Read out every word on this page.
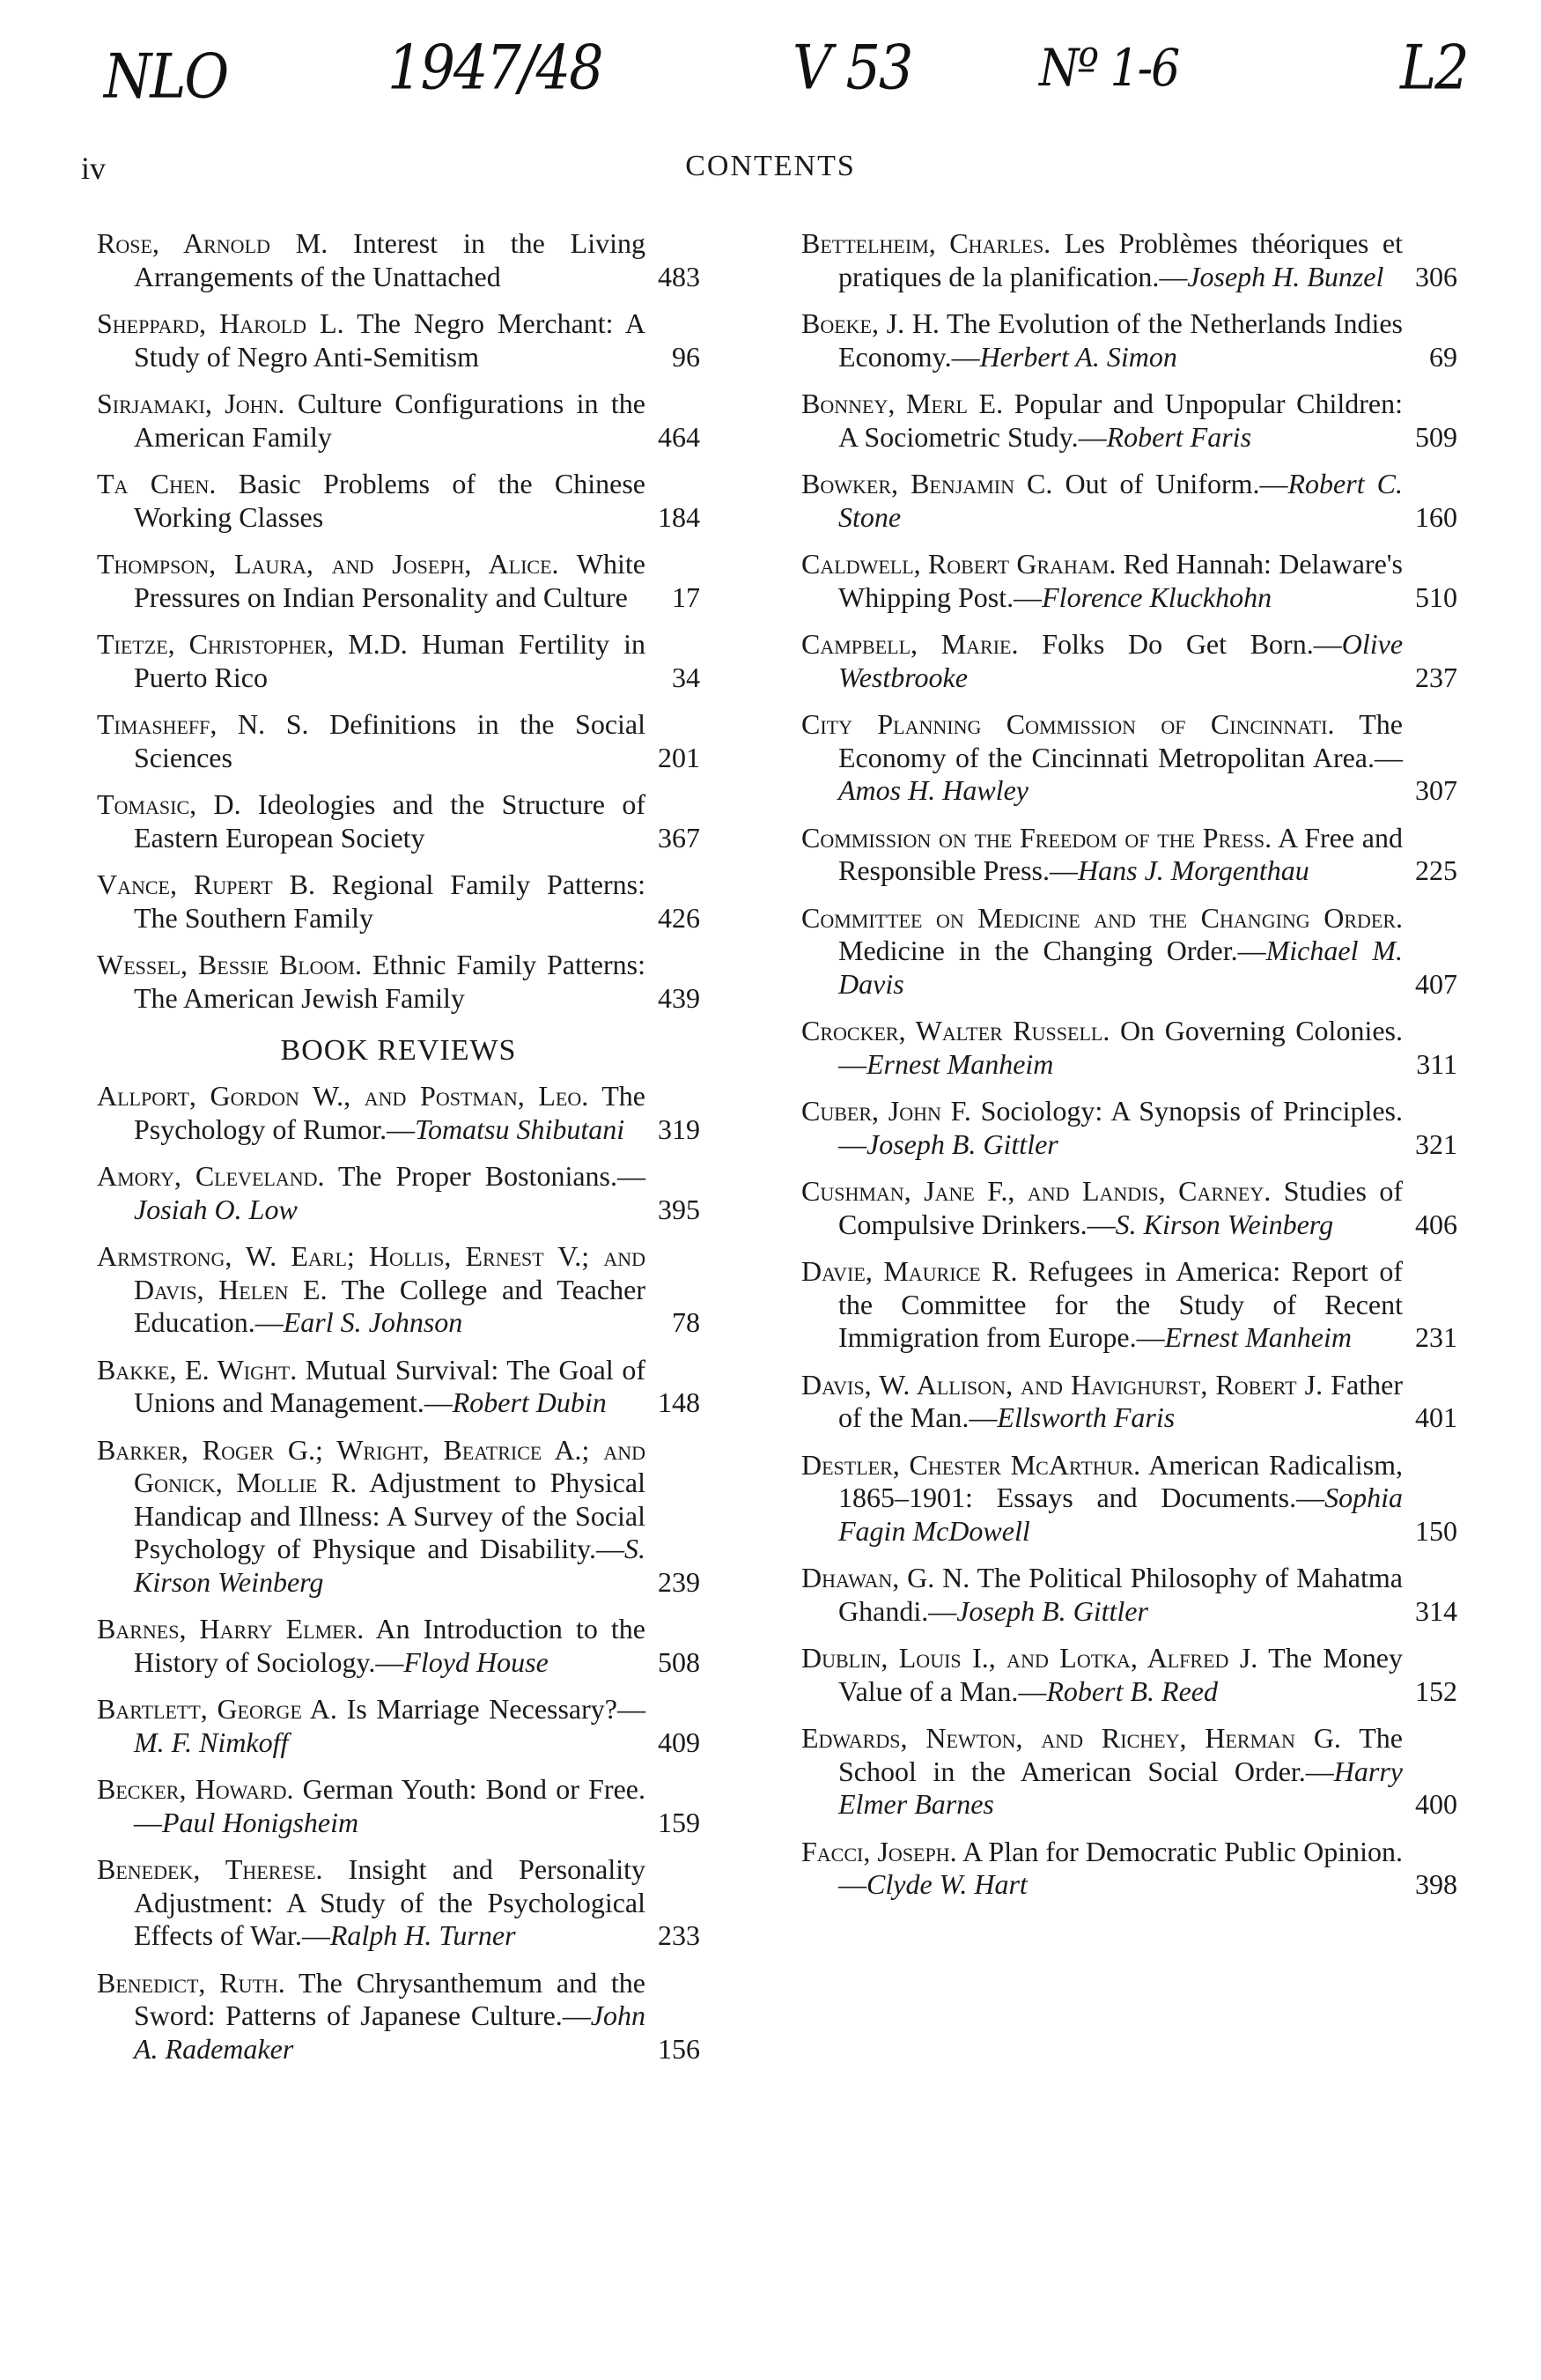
NLO	1947/48	V 53	Nº 1-6	L2
iv	CONTENTS
Rose, Arnold M. Interest in the Living Arrangements of the Unattached	483
Sheppard, Harold L. The Negro Merchant: A Study of Negro Anti-Semitism	96
Sirjamaki, John. Culture Configurations in the American Family	464
Ta Chen. Basic Problems of the Chinese Working Classes	184
Thompson, Laura, and Joseph, Alice. White Pressures on Indian Personality and Culture 17
Tietze, Christopher, M.D. Human Fertility in Puerto Rico	34
Timasheff, N. S. Definitions in the Social Sciences	201
Tomasic, D. Ideologies and the Structure of Eastern European Society	367
Vance, Rupert B. Regional Family Patterns: The Southern Family	426
Wessel, Bessie Bloom. Ethnic Family Patterns: The American Jewish Family	439
BOOK REVIEWS
Allport, Gordon W., and Postman, Leo. The Psychology of Rumor.—Tomatsu Shibutani 319
Amory, Cleveland. The Proper Bostonians.—Josiah O. Low	395
Armstrong, W. Earl; Hollis, Ernest V.; and Davis, Helen E. The College and Teacher Education.—Earl S. Johnson	78
Bakke, E. Wight. Mutual Survival: The Goal of Unions and Management.—Robert Dubin 148
Barker, Roger G.; Wright, Beatrice A.; and Gonick, Mollie R. Adjustment to Physical Handicap and Illness: A Survey of the Social Psychology of Physique and Disability.—S. Kirson Weinberg	239
Barnes, Harry Elmer. An Introduction to the History of Sociology.—Floyd House	508
Bartlett, George A. Is Marriage Necessary?—M. F. Nimkoff	409
Becker, Howard. German Youth: Bond or Free.—Paul Honigsheim	159
Benedek, Therese. Insight and Personality Adjustment: A Study of the Psychological Effects of War.—Ralph H. Turner	233
Benedict, Ruth. The Chrysanthemum and the Sword: Patterns of Japanese Culture.—John A. Rademaker	156
Bettelheim, Charles. Les Problèmes théoriques et pratiques de la planification.—Joseph H. Bunzel 306
Boeke, J. H. The Evolution of the Netherlands Indies Economy.—Herbert A. Simon	69
Bonney, Merl E. Popular and Unpopular Children: A Sociometric Study.—Robert Faris	509
Bowker, Benjamin C. Out of Uniform.—Robert C. Stone	160
Caldwell, Robert Graham. Red Hannah: Delaware's Whipping Post.—Florence Kluckhohn	510
Campbell, Marie. Folks Do Get Born.—Olive Westbrooke	237
City Planning Commission of Cincinnati. The Economy of the Cincinnati Metropolitan Area.—Amos H. Hawley	307
Commission on the Freedom of the Press. A Free and Responsible Press.—Hans J. Morgenthau	225
Committee on Medicine and the Changing Order. Medicine in the Changing Order.—Michael M. Davis	407
Crocker, Walter Russell. On Governing Colonies.—Ernest Manheim	311
Cuber, John F. Sociology: A Synopsis of Principles.—Joseph B. Gittler	321
Cushman, Jane F., and Landis, Carney. Studies of Compulsive Drinkers.—S. Kirson Weinberg	406
Davie, Maurice R. Refugees in America: Report of the Committee for the Study of Recent Immigration from Europe.—Ernest Manheim 231
Davis, W. Allison, and Havighurst, Robert J. Father of the Man.—Ellsworth Faris	401
Destler, Chester McArthur. American Radicalism, 1865–1901: Essays and Documents.—Sophia Fagin McDowell	150
Dhawan, G. N. The Political Philosophy of Mahatma Ghandi.—Joseph B. Gittler	314
Dublin, Louis I., and Lotka, Alfred J. The Money Value of a Man.—Robert B. Reed	152
Edwards, Newton, and Richey, Herman G. The School in the American Social Order.—Harry Elmer Barnes	400
Facci, Joseph. A Plan for Democratic Public Opinion.—Clyde W. Hart	398
